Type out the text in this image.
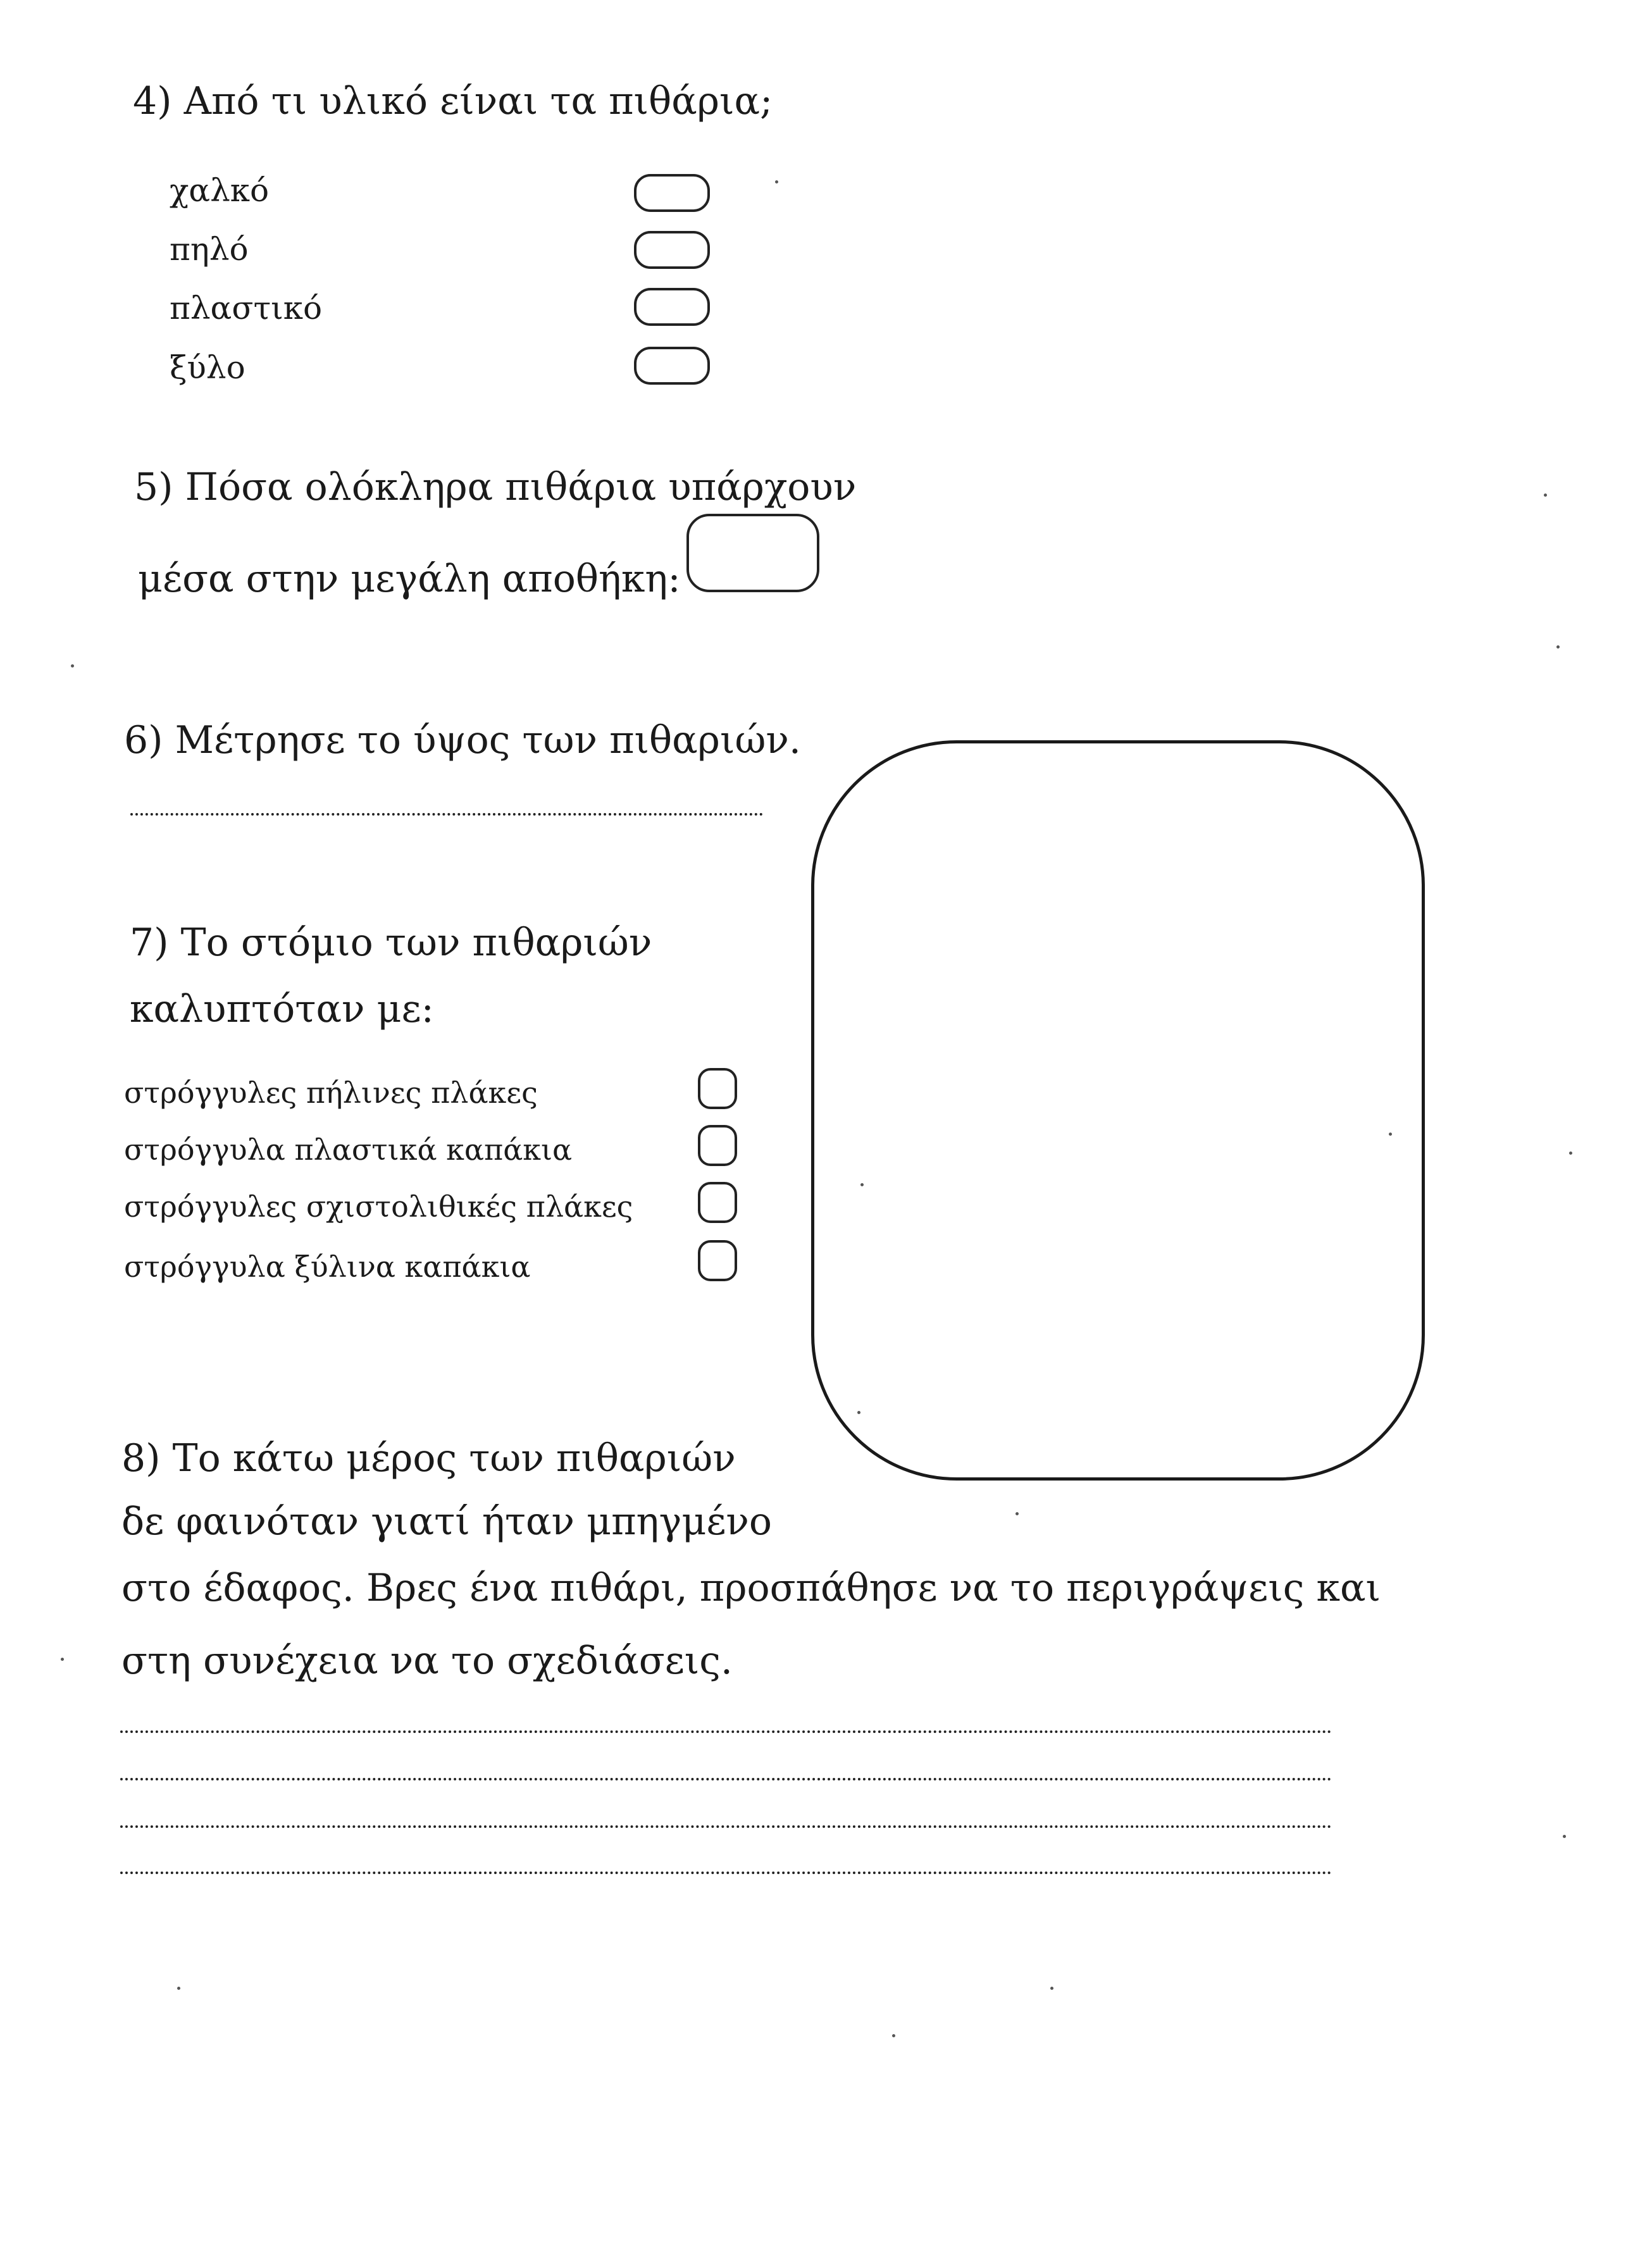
4) Από τι υλικό είναι τα πιθάρια;
χαλκό
πηλό
πλαστικό
ξύλο
5) Πόσα ολόκληρα πιθάρια υπάρχουν
μέσα στην μεγάλη αποθήκη:
6) Μέτρησε το ύψος των πιθαριών.
7) Το στόμιο των πιθαριών
καλυπτόταν με:
στρόγγυλες πήλινες πλάκες
στρόγγυλα πλαστικά καπάκια
στρόγγυλες σχιστολιθικές πλάκες
στρόγγυλα ξύλινα καπάκια
8) Το κάτω μέρος των πιθαριών
δε φαινόταν γιατί ήταν μπηγμένο
στο έδαφος. Βρες ένα πιθάρι, προσπάθησε να το περιγράψεις και
στη συνέχεια να το σχεδιάσεις.
